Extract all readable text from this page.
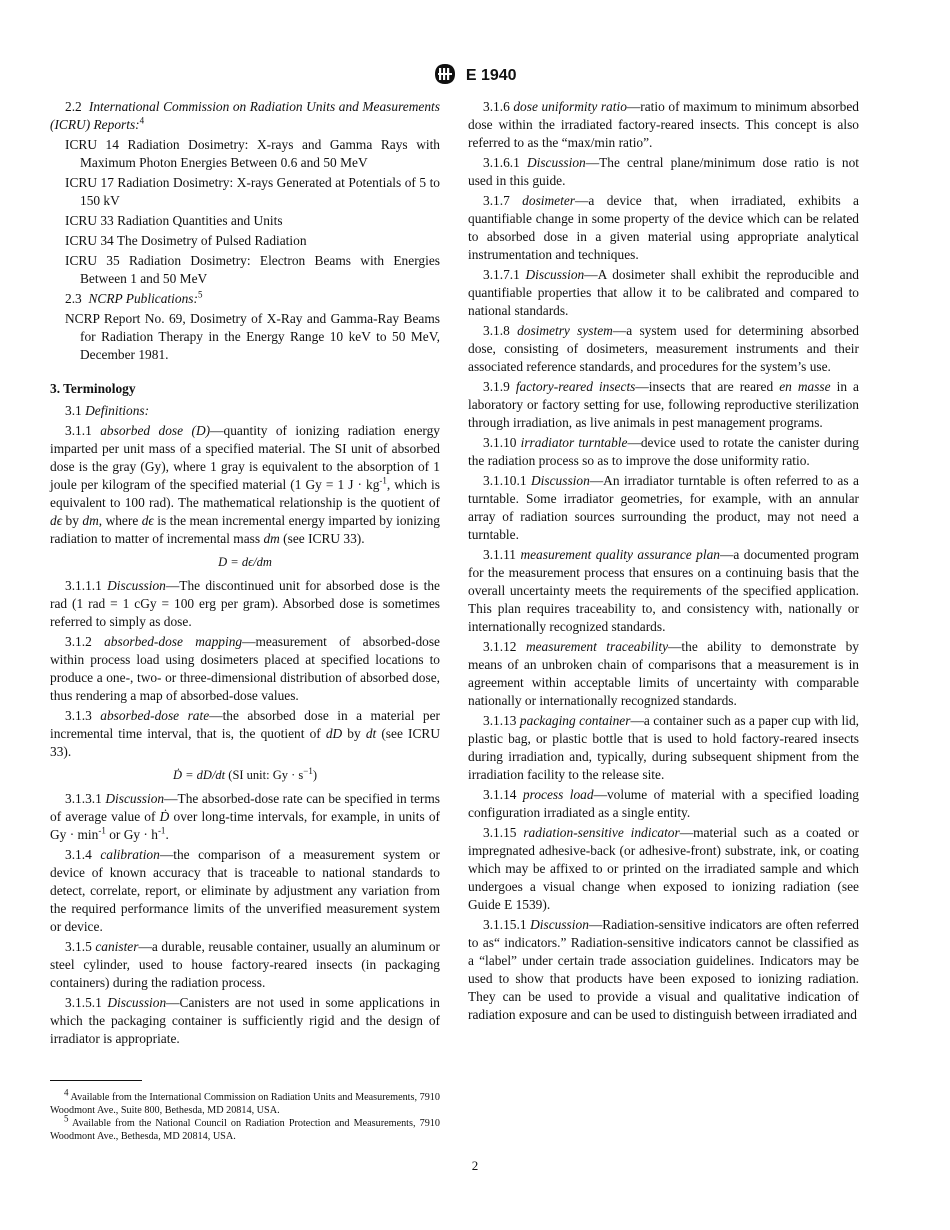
E 1940

2.2 International Commission on Radiation Units and Measurements (ICRU) Reports:$^4$

ICRU 14 Radiation Dosimetry: X-rays and Gamma Rays with Maximum Photon Energies Between 0.6 and 50 MeV

ICRU 17 Radiation Dosimetry: X-rays Generated at Potentials of 5 to 150 kV

ICRU 33 Radiation Quantities and Units

ICRU 34 The Dosimetry of Pulsed Radiation

ICRU 35 Radiation Dosimetry: Electron Beams with Energies Between 1 and 50 MeV

2.3 NCRP Publications:$^5$

NCRP Report No. 69, Dosimetry of X-Ray and Gamma-Ray Beams for Radiation Therapy in the Energy Range 10 keV to 50 MeV, December 1981.

3. Terminology

3.1 Definitions:

3.1.1 absorbed dose (D)—quantity of ionizing radiation energy imparted per unit mass of a specified material. The SI unit of absorbed dose is the gray (Gy), where 1 gray is equivalent to the absorption of 1 joule per kilogram of the specified material (1 Gy = 1 $J \cdot kg^{-1}$, which is equivalent to 100 rad). The mathematical relationship is the quotient of dϵ by dm, where dϵ is the mean incremental energy imparted by ionizing radiation to matter of incremental mass dm (see ICRU 33).

D = dϵ/dm

3.1.1.1 Discussion—The discontinued unit for absorbed dose is the rad (1 rad = 1 cGy = 100 erg per gram). Absorbed dose is sometimes referred to simply as dose.

3.1.2 absorbed-dose mapping—measurement of absorbed-dose within process load using dosimeters placed at specified locations to produce a one-, two- or three-dimensional distribution of absorbed dose, thus rendering a map of absorbed-dose values.

3.1.3 absorbed-dose rate—the absorbed dose in a material per incremental time interval, that is, the quotient of dD by dt (see ICRU 33).

Ḋ = dD/dt (SI unit: $Gy \cdot s^{-1}$)

3.1.3.1 Discussion—The absorbed-dose rate can be specified in terms of average value of Ḋ over long-time intervals, for example, in units of $Gy \cdot \min^{-1}$ or $Gy \cdot h^{-1}$.

3.1.4 calibration—the comparison of a measurement system or device of known accuracy that is traceable to national standards to detect, correlate, report, or eliminate by adjustment any variation from the required performance limits of the unverified measurement system or device.

3.1.5 canister—a durable, reusable container, usually an aluminum or steel cylinder, used to house factory-reared insects (in packaging containers) during the radiation process.

3.1.5.1 Discussion—Canisters are not used in some applications in which the packaging container is sufficiently rigid and the design of irradiator is appropriate.

3.1.6 dose uniformity ratio—ratio of maximum to minimum absorbed dose within the irradiated factory-reared insects. This concept is also referred to as the “max/min ratio”.

3.1.6.1 Discussion—The central plane/minimum dose ratio is not used in this guide.

3.1.7 dosimeter—a device that, when irradiated, exhibits a quantifiable change in some property of the device which can be related to absorbed dose in a given material using appropriate analytical instrumentation and techniques.

3.1.7.1 Discussion—A dosimeter shall exhibit the reproducible and quantifiable properties that allow it to be calibrated and compared to national standards.

3.1.8 dosimetry system—a system used for determining absorbed dose, consisting of dosimeters, measurement instruments and their associated reference standards, and procedures for the system’s use.

3.1.9 factory-reared insects—insects that are reared en masse in a laboratory or factory setting for use, following reproductive sterilization through irradiation, as live animals in pest management programs.

3.1.10 irradiator turntable—device used to rotate the canister during the radiation process so as to improve the dose uniformity ratio.

3.1.10.1 Discussion—An irradiator turntable is often referred to as a turntable. Some irradiator geometries, for example, with an annular array of radiation sources surrounding the product, may not need a turntable.

3.1.11 measurement quality assurance plan—a documented program for the measurement process that ensures on a continuing basis that the overall uncertainty meets the requirements of the specified application. This plan requires traceability to, and consistency with, nationally or internationally recognized standards.

3.1.12 measurement traceability—the ability to demonstrate by means of an unbroken chain of comparisons that a measurement is in agreement within acceptable limits of uncertainty with comparable nationally or internationally recognized standards.

3.1.13 packaging container—a container such as a paper cup with lid, plastic bag, or plastic bottle that is used to hold factory-reared insects during irradiation and, typically, during subsequent shipment from the irradiation facility to the release site.

3.1.14 process load—volume of material with a specified loading configuration irradiated as a single entity.

3.1.15 radiation-sensitive indicator—material such as a coated or impregnated adhesive-back (or adhesive-front) substrate, ink, or coating which may be affixed to or printed on the irradiated sample and which undergoes a visual change when exposed to ionizing radiation (see Guide E 1539).

3.1.15.1 Discussion—Radiation-sensitive indicators are often referred to as“ indicators.” Radiation-sensitive indicators cannot be classified as a “label” under certain trade association guidelines. Indicators may be used to show that products have been exposed to ionizing radiation. They can be used to provide a visual and qualitative indication of radiation exposure and can be used to distinguish between irradiated and

$^4$ Available from the International Commission on Radiation Units and Measurements, 7910 Woodmont Ave., Suite 800, Bethesda, MD 20814, USA.

$^5$ Available from the National Council on Radiation Protection and Measurements, 7910 Woodmont Ave., Bethesda, MD 20814, USA.

2
